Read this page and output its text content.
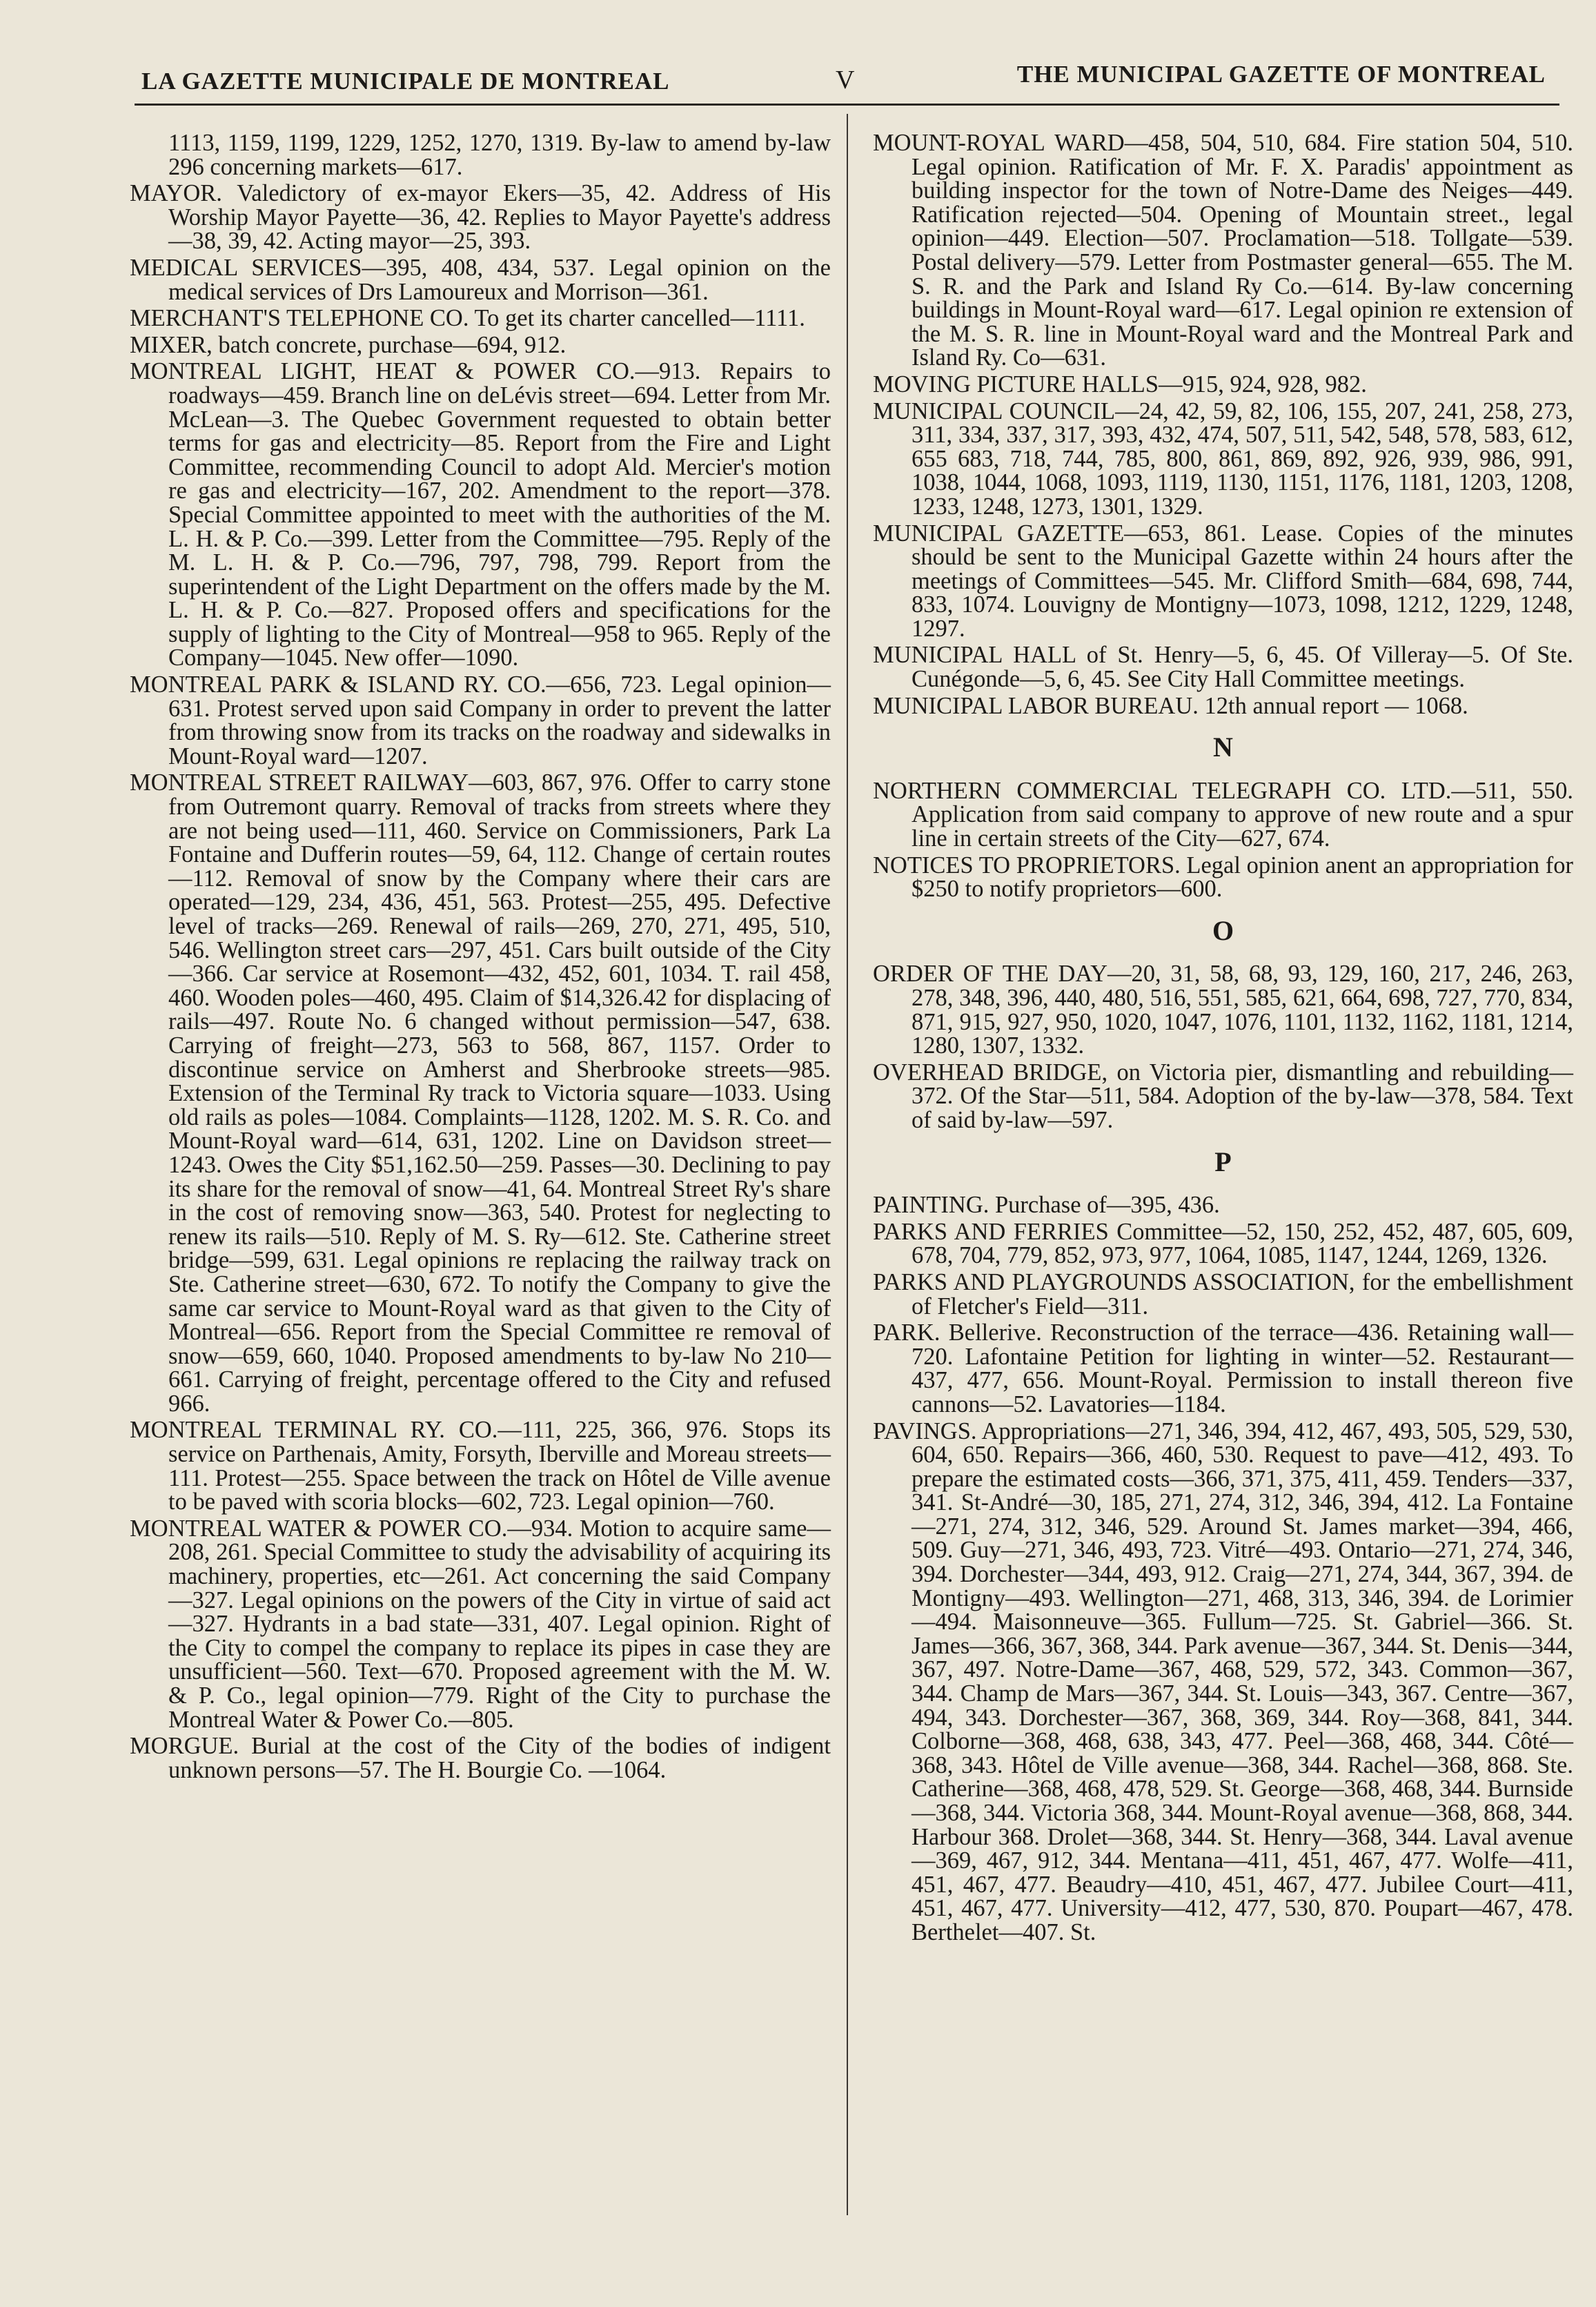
LA GAZETTE MUNICIPALE DE MONTREAL	V	THE MUNICIPAL GAZETTE OF MONTREAL

1113, 1159, 1199, 1229, 1252, 1270, 1319. By-law to amend by-law 296 concerning markets—617.

MAYOR. Valedictory of ex-mayor Ekers—35, 42. Address of His Worship Mayor Payette—36, 42. Replies to Mayor Payette's address—38, 39, 42. Acting mayor—25, 393.

MEDICAL SERVICES—395, 408, 434, 537. Legal opinion on the medical services of Drs Lamoureux and Morrison—361.

MERCHANT'S TELEPHONE CO. To get its charter cancelled—1111.

MIXER, batch concrete, purchase—694, 912.

MONTREAL LIGHT, HEAT & POWER CO.—913. Repairs to roadways—459. Branch line on deLévis street—694. Letter from Mr. McLean—3. The Quebec Government requested to obtain better terms for gas and electricity—85. Report from the Fire and Light Committee, recommending Council to adopt Ald. Mercier's motion re gas and electricity—167, 202. Amendment to the report—378. Special Committee appointed to meet with the authorities of the M. L. H. & P. Co.—399. Letter from the Committee—795. Reply of the M. L. H. & P. Co.—796, 797, 798, 799. Report from the superintendent of the Light Department on the offers made by the M. L. H. & P. Co.—827. Proposed offers and specifications for the supply of lighting to the City of Montreal—958 to 965. Reply of the Company—1045. New offer—1090.

MONTREAL PARK & ISLAND RY. CO.—656, 723. Legal opinion—631. Protest served upon said Company in order to prevent the latter from throwing snow from its tracks on the roadway and sidewalks in Mount-Royal ward—1207.

MONTREAL STREET RAILWAY—603, 867, 976. Offer to carry stone from Outremont quarry. Removal of tracks from streets where they are not being used—111, 460. Service on Commissioners, Park La Fontaine and Dufferin routes—59, 64, 112. Change of certain routes—112. Removal of snow by the Company where their cars are operated—129, 234, 436, 451, 563. Protest—255, 495. Defective level of tracks—269. Renewal of rails—269, 270, 271, 495, 510, 546. Wellington street cars—297, 451. Cars built outside of the City—366. Car service at Rosemont—432, 452, 601, 1034. T. rail 458, 460. Wooden poles—460, 495. Claim of $14,326.42 for displacing of rails—497. Route No. 6 changed without permission—547, 638. Carrying of freight—273, 563 to 568, 867, 1157. Order to discontinue service on Amherst and Sherbrooke streets—985. Extension of the Terminal Ry track to Victoria square—1033. Using old rails as poles—1084. Complaints—1128, 1202. M. S. R. Co. and Mount-Royal ward—614, 631, 1202. Line on Davidson street—1243. Owes the City $51,162.50—259. Passes—30. Declining to pay its share for the removal of snow—41, 64. Montreal Street Ry's share in the cost of removing snow—363, 540. Protest for neglecting to renew its rails—510. Reply of M. S. Ry—612. Ste. Catherine street bridge—599, 631. Legal opinions re replacing the railway track on Ste. Catherine street—630, 672. To notify the Company to give the same car service to Mount-Royal ward as that given to the City of Montreal—656. Report from the Special Committee re removal of snow—659, 660, 1040. Proposed amendments to by-law No 210—661. Carrying of freight, percentage offered to the City and refused 966.

MONTREAL TERMINAL RY. CO.—111, 225, 366, 976. Stops its service on Parthenais, Amity, Forsyth, Iberville and Moreau streets—111. Protest—255. Space between the track on Hôtel de Ville avenue to be paved with scoria blocks—602, 723. Legal opinion—760.

MONTREAL WATER & POWER CO.—934. Motion to acquire same—208, 261. Special Committee to study the advisability of acquiring its machinery, properties, etc—261. Act concerning the said Company—327. Legal opinions on the powers of the City in virtue of said act—327. Hydrants in a bad state—331, 407. Legal opinion. Right of the City to compel the company to replace its pipes in case they are unsufficient—560. Text—670. Proposed agreement with the M. W. & P. Co., legal opinion—779. Right of the City to purchase the Montreal Water & Power Co.—805.

MORGUE. Burial at the cost of the City of the bodies of indigent unknown persons—57. The H. Bourgie Co. —1064.

MOUNT-ROYAL WARD—458, 504, 510, 684. Fire station 504, 510. Legal opinion. Ratification of Mr. F. X. Paradis' appointment as building inspector for the town of Notre-Dame des Neiges—449. Ratification rejected—504. Opening of Mountain street., legal opinion—449. Election—507. Proclamation—518. Tollgate—539. Postal delivery—579. Letter from Postmaster general—655. The M. S. R. and the Park and Island Ry Co.—614. By-law concerning buildings in Mount-Royal ward—617. Legal opinion re extension of the M. S. R. line in Mount-Royal ward and the Montreal Park and Island Ry. Co—631.

MOVING PICTURE HALLS—915, 924, 928, 982.

MUNICIPAL COUNCIL—24, 42, 59, 82, 106, 155, 207, 241, 258, 273, 311, 334, 337, 317, 393, 432, 474, 507, 511, 542, 548, 578, 583, 612, 655 683, 718, 744, 785, 800, 861, 869, 892, 926, 939, 986, 991, 1038, 1044, 1068, 1093, 1119, 1130, 1151, 1176, 1181, 1203, 1208, 1233, 1248, 1273, 1301, 1329.

MUNICIPAL GAZETTE—653, 861. Lease. Copies of the minutes should be sent to the Municipal Gazette within 24 hours after the meetings of Committees—545. Mr. Clifford Smith—684, 698, 744, 833, 1074. Louvigny de Montigny—1073, 1098, 1212, 1229, 1248, 1297.

MUNICIPAL HALL of St. Henry—5, 6, 45. Of Villeray—5. Of Ste. Cunégonde—5, 6, 45. See City Hall Committee meetings.

MUNICIPAL LABOR BUREAU. 12th annual report — 1068.

N

NORTHERN COMMERCIAL TELEGRAPH CO. LTD.—511, 550. Application from said company to approve of new route and a spur line in certain streets of the City—627, 674.

NOTICES TO PROPRIETORS. Legal opinion anent an appropriation for $250 to notify proprietors—600.

O

ORDER OF THE DAY—20, 31, 58, 68, 93, 129, 160, 217, 246, 263, 278, 348, 396, 440, 480, 516, 551, 585, 621, 664, 698, 727, 770, 834, 871, 915, 927, 950, 1020, 1047, 1076, 1101, 1132, 1162, 1181, 1214, 1280, 1307, 1332.

OVERHEAD BRIDGE, on Victoria pier, dismantling and rebuilding—372. Of the Star—511, 584. Adoption of the by-law—378, 584. Text of said by-law—597.

P

PAINTING. Purchase of—395, 436.

PARKS AND FERRIES Committee—52, 150, 252, 452, 487, 605, 609, 678, 704, 779, 852, 973, 977, 1064, 1085, 1147, 1244, 1269, 1326.

PARKS AND PLAYGROUNDS ASSOCIATION, for the embellishment of Fletcher's Field—311.

PARK. Bellerive. Reconstruction of the terrace—436. Retaining wall—720. Lafontaine Petition for lighting in winter—52. Restaurant—437, 477, 656. Mount-Royal. Permission to install thereon five cannons—52. Lavatories—1184.

PAVINGS. Appropriations—271, 346, 394, 412, 467, 493, 505, 529, 530, 604, 650. Repairs—366, 460, 530. Request to pave—412, 493. To prepare the estimated costs—366, 371, 375, 411, 459. Tenders—337, 341. St-André—30, 185, 271, 274, 312, 346, 394, 412. La Fontaine—271, 274, 312, 346, 529. Around St. James market—394, 466, 509. Guy—271, 346, 493, 723. Vitré—493. Ontario—271, 274, 346, 394. Dorchester—344, 493, 912. Craig—271, 274, 344, 367, 394. de Montigny—493. Wellington—271, 468, 313, 346, 394. de Lorimier—494. Maisonneuve—365. Fullum—725. St. Gabriel—366. St. James—366, 367, 368, 344. Park avenue—367, 344. St. Denis—344, 367, 497. Notre-Dame—367, 468, 529, 572, 343. Common—367, 344. Champ de Mars—367, 344. St. Louis—343, 367. Centre—367, 494, 343. Dorchester—367, 368, 369, 344. Roy—368, 841, 344. Colborne—368, 468, 638, 343, 477. Peel—368, 468, 344. Côté—368, 343. Hôtel de Ville avenue—368, 344. Rachel—368, 868. Ste. Catherine—368, 468, 478, 529. St. George—368, 468, 344. Burnside—368, 344. Victoria 368, 344. Mount-Royal avenue—368, 868, 344. Harbour 368. Drolet—368, 344. St. Henry—368, 344. Laval avenue—369, 467, 912, 344. Mentana—411, 451, 467, 477. Wolfe—411, 451, 467, 477. Beaudry—410, 451, 467, 477. Jubilee Court—411, 451, 467, 477. University—412, 477, 530, 870. Poupart—467, 478. Berthelet—407. St.
